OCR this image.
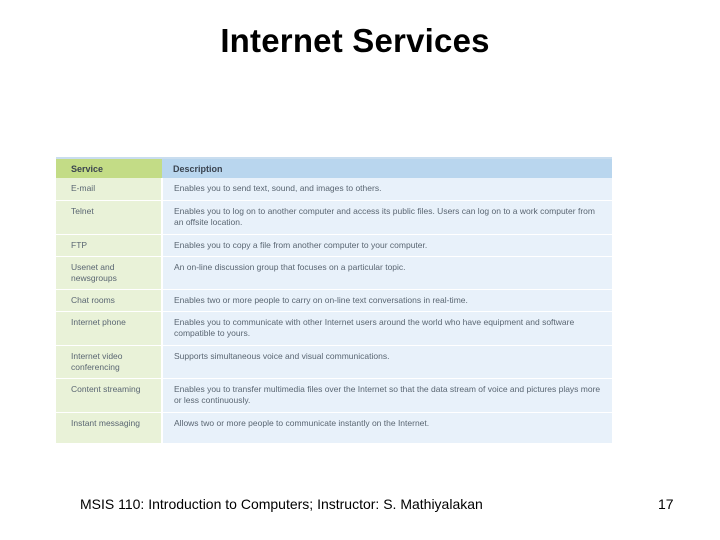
Internet Services
Service	Description
E-mail	Enables you to send text, sound, and images to others.
Telnet	Enables you to log on to another computer and access its public files. Users can log on to a work computer from an offsite location.
FTP	Enables you to copy a file from another computer to your computer.
Usenet and newsgroups	An on-line discussion group that focuses on a particular topic.
Chat rooms	Enables two or more people to carry on on-line text conversations in real-time.
Internet phone	Enables you to communicate with other Internet users around the world who have equipment and software compatible to yours.
Internet video conferencing	Supports simultaneous voice and visual communications.
Content streaming	Enables you to transfer multimedia files over the Internet so that the data stream of voice and pictures plays more or less continuously.
Instant messaging	Allows two or more people to communicate instantly on the Internet.
MSIS 110: Introduction to Computers; Instructor: S. Mathiyalakan	17
